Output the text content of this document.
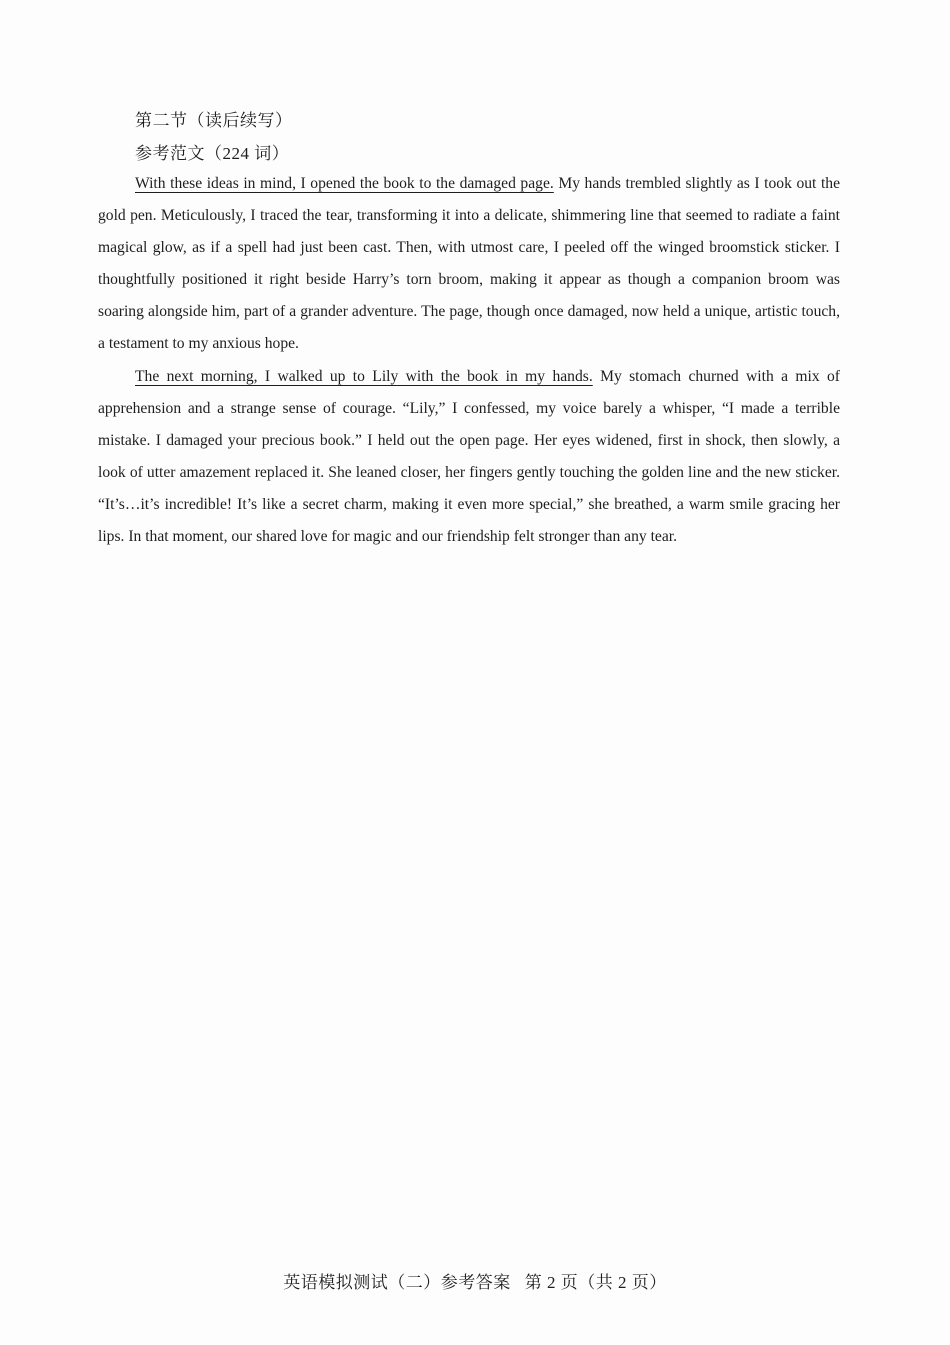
第二节（读后续写）
参考范文（224 词）

With these ideas in mind, I opened the book to the damaged page. My hands trembled slightly as I took out the gold pen. Meticulously, I traced the tear, transforming it into a delicate, shimmering line that seemed to radiate a faint magical glow, as if a spell had just been cast. Then, with utmost care, I peeled off the winged broomstick sticker. I thoughtfully positioned it right beside Harry’s torn broom, making it appear as though a companion broom was soaring alongside him, part of a grander adventure. The page, though once damaged, now held a unique, artistic touch, a testament to my anxious hope.

The next morning, I walked up to Lily with the book in my hands. My stomach churned with a mix of apprehension and a strange sense of courage. “Lily,” I confessed, my voice barely a whisper, “I made a terrible mistake. I damaged your precious book.” I held out the open page. Her eyes widened, first in shock, then slowly, a look of utter amazement replaced it. She leaned closer, her fingers gently touching the golden line and the new sticker. “It’s…it’s incredible! It’s like a secret charm, making it even more special,” she breathed, a warm smile gracing her lips. In that moment, our shared love for magic and our friendship felt stronger than any tear.

英语模拟测试（二）参考答案 第 2 页（共 2 页）
